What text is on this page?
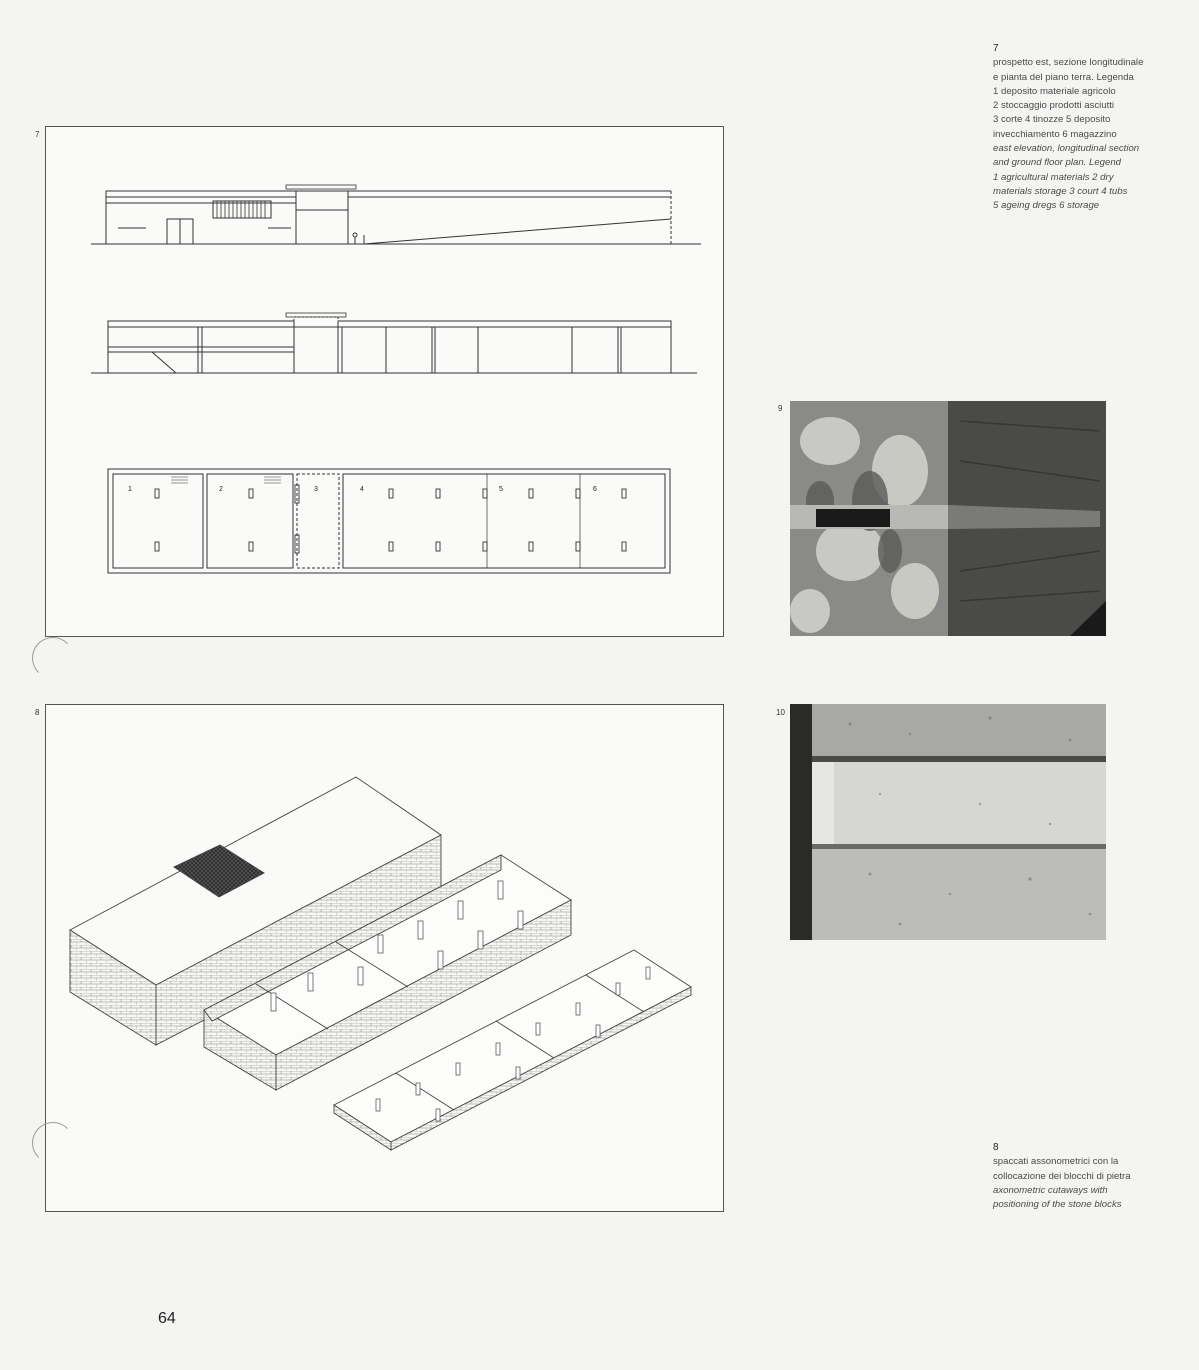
7
1	2	3	4	5	6
8
9
10
7
prospetto est, sezione longitudinale
e pianta del piano terra. Legenda
1 deposito materiale agricolo
2 stoccaggio prodotti asciutti
3 corte 4 tinozze 5 deposito
invecchiamento 6 magazzino
east elevation, longitudinal section
and ground floor plan. Legend
1 agricultural materials 2 dry
materials storage 3 court 4 tubs
5 ageing dregs 6 storage
8
spaccati assonometrici con la
collocazione dei blocchi di pietra
axonometric cutaways with
positioning of the stone blocks
64
